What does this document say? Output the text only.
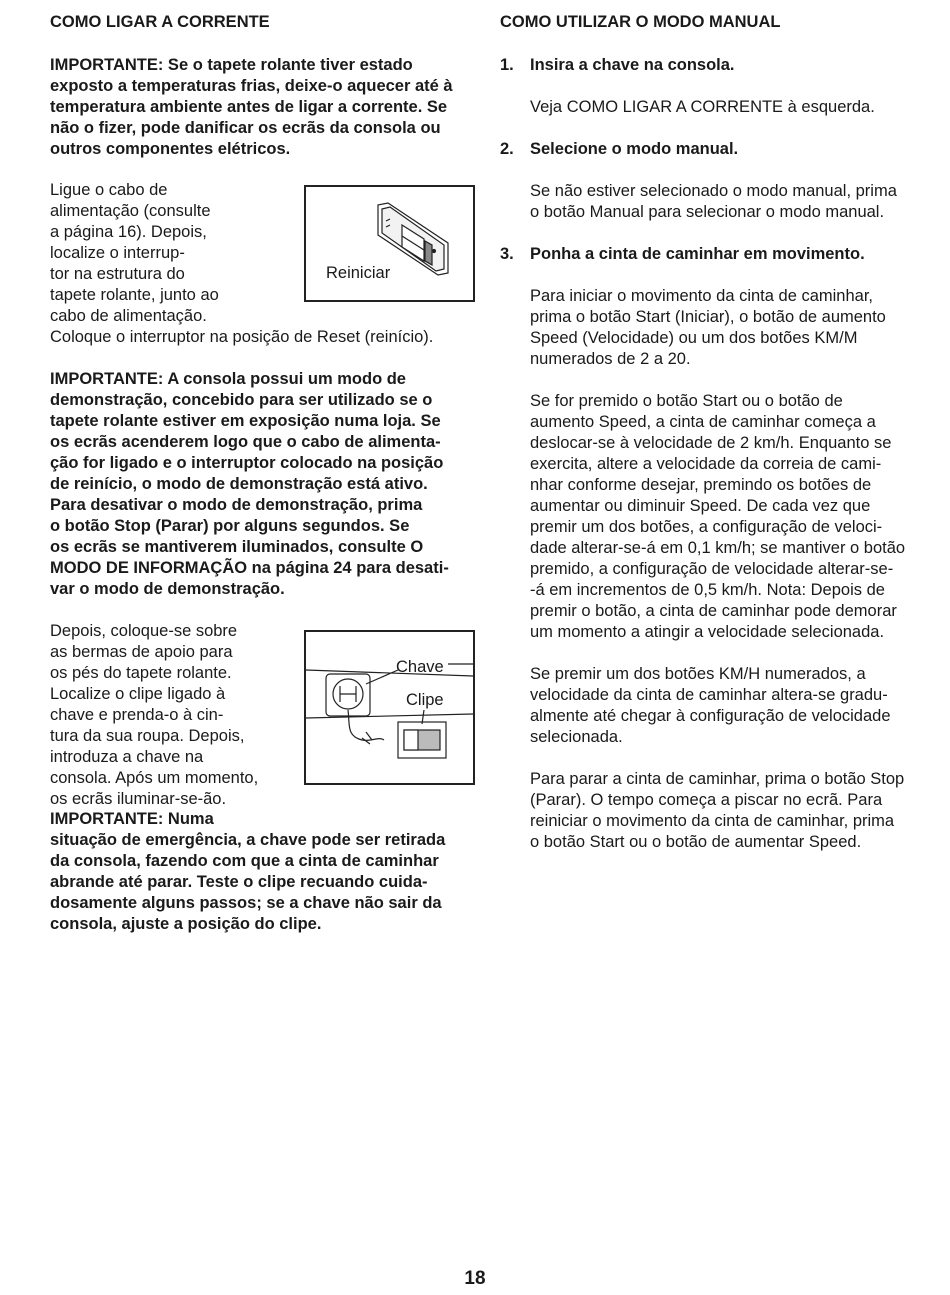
COMO LIGAR A CORRENTE

IMPORTANTE: Se o tapete rolante tiver estado

exposto a temperaturas frias, deixe-o aquecer até à

temperatura ambiente antes de ligar a corrente. Se

não o fizer, pode danificar os ecrãs da consola ou

outros componentes elétricos.

Ligue o cabo de

alimentação (consulte

a página 16). Depois,

localize o interrup-

tor na estrutura do

tapete rolante, junto ao

cabo de alimentação.

Coloque o interruptor na posição de Reset (reinício).

Reiniciar

IMPORTANTE: A consola possui um modo de

demonstração, concebido para ser utilizado se o

tapete rolante estiver em exposição numa loja. Se

os ecrãs acenderem logo que o cabo de alimenta-

ção for ligado e o interruptor colocado na posição

de reinício, o modo de demonstração está ativo.

Para desativar o modo de demonstração, prima

o botão Stop (Parar) por alguns segundos. Se

os ecrãs se mantiverem iluminados, consulte O

MODO DE INFORMAÇÃO na página 24 para desati-

var o modo de demonstração.

Depois, coloque-se sobre

as bermas de apoio para

os pés do tapete rolante.

Localize o clipe ligado à

chave e prenda-o à cin-

tura da sua roupa. Depois,

introduza a chave na

consola. Após um momento,

os ecrãs iluminar-se-ão.

Chave
Clipe

IMPORTANTE: Numa

situação de emergência, a chave pode ser retirada

da consola, fazendo com que a cinta de caminhar

abrande até parar. Teste o clipe recuando cuida-

dosamente alguns passos; se a chave não sair da

consola, ajuste a posição do clipe.

COMO UTILIZAR O MODO MANUAL

1. Insira a chave na consola.

Veja COMO LIGAR A CORRENTE à esquerda.

2. Selecione o modo manual.

Se não estiver selecionado o modo manual, prima

o botão Manual para selecionar o modo manual.

3. Ponha a cinta de caminhar em movimento.

Para iniciar o movimento da cinta de caminhar,

prima o botão Start (Iniciar), o botão de aumento

Speed (Velocidade) ou um dos botões KM/M

numerados de 2 a 20.

Se for premido o botão Start ou o botão de

aumento Speed, a cinta de caminhar começa a

deslocar-se à velocidade de 2 km/h. Enquanto se

exercita, altere a velocidade da correia de cami-

nhar conforme desejar, premindo os botões de

aumentar ou diminuir Speed. De cada vez que

premir um dos botões, a configuração de veloci-

dade alterar-se-á em 0,1 km/h; se mantiver o botão

premido, a configuração de velocidade alterar-se-

-á em incrementos de 0,5 km/h. Nota: Depois de

premir o botão, a cinta de caminhar pode demorar

um momento a atingir a velocidade selecionada.

Se premir um dos botões KM/H numerados, a

velocidade da cinta de caminhar altera-se gradu-

almente até chegar à configuração de velocidade

selecionada.

Para parar a cinta de caminhar, prima o botão Stop

(Parar). O tempo começa a piscar no ecrã. Para

reiniciar o movimento da cinta de caminhar, prima

o botão Start ou o botão de aumentar Speed.

18
